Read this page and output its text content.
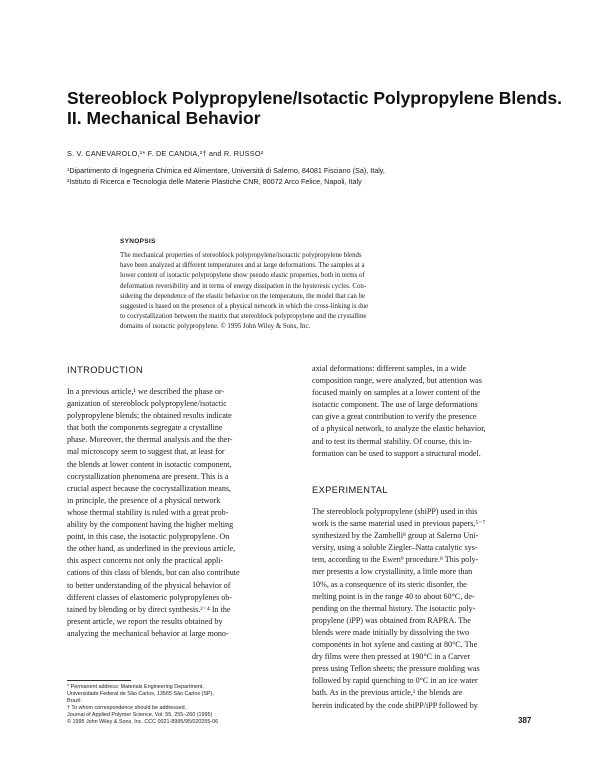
Stereoblock Polypropylene/Isotactic Polypropylene Blends.
II. Mechanical Behavior
S. V. CANEVAROLO,¹* F. DE CANDIA,²† and R. RUSSO²
¹Dipartimento di Ingegneria Chimica ed Alimentare, Università di Salerno, 84081 Fisciano (Sa), Italy,
²Istituto di Ricerca e Tecnologia delle Materie Plastiche CNR, 80072 Arco Felice, Napoli, Italy
SYNOPSIS
The mechanical properties of stereoblock polypropylene/isotactic polypropylene blends
have been analyzed at different temperatures and at large deformations. The samples at a
lower content of isotactic polypropylene show pseudo elastic properties, both in terms of
deformation reversibility and in terms of energy dissipation in the hysteresis cycles. Con-
sidering the dependence of the elastic behavior on the temperature, the model that can be
suggested is based on the presence of a physical network in which the cross-linking is due
to cocrystallization between the matrix that stereoblock polypropylene and the crystalline
domains of isotactic polypropylene. © 1995 John Wiley & Sons, Inc.
INTRODUCTION
In a previous article,¹ we described the phase or-
ganization of stereoblock polypropylene/isotactic
polypropylene blends; the obtained results indicate
that both the components segregate a crystalline
phase. Moreover, the thermal analysis and the ther-
mal microscopy seem to suggest that, at least for
the blends at lower content in isotactic component,
cocrystallization phenomena are present. This is a
crucial aspect because the cocrystallization means,
in principle, the presence of a physical network
whose thermal stability is ruled with a great prob-
ability by the component having the higher melting
point, in this case, the isotactic polypropylene. On
the other hand, as underlined in the previous article,
this aspect concerns not only the practical appli-
cations of this class of blends, but can also contribute
to better understanding of the physical behavior of
different classes of elastomeric polypropylenes ob-
tained by blending or by direct synthesis.²⁻⁴ In the
present article, we report the results obtained by
analyzing the mechanical behavior at large mono-
axial deformations: different samples, in a wide
composition range, were analyzed, but attention was
focused mainly on samples at a lower content of the
isotactic component. The use of large deformations
can give a great contribution to verify the presence
of a physical network, to analyze the elastic behavior,
and to test its thermal stability. Of course, this in-
formation can be used to support a structural model.
EXPERIMENTAL
The stereoblock polypropylene (sbiPP) used in this
work is the same material used in previous papers,⁵⁻⁷
synthesized by the Zambelli⁸ group at Salerno Uni-
versity, using a soluble Ziegler–Natta catalytic sys-
tem, according to the Ewen⁹ procedure.⁸ This poly-
mer presents a low crystallinity, a little more than
10%, as a consequence of its steric disorder, the
melting point is in the range 40 to about 60°C, de-
pending on the thermal history. The isotactic poly-
propylene (iPP) was obtained from RAPRA. The
blends were made initially by dissolving the two
components in hot xylene and casting at 80°C. The
dry films were then pressed at 190°C in a Carver
press using Teflon sheets; the pressure molding was
followed by rapid quenching to 0°C in an ice water
bath. As in the previous article,¹ the blends are
herein indicated by the code sbiPP/iPP followed by
* Permanent address: Materials Engineering Department,
Universidade Federal de São Carlos, 13565 São Carlos (SP),
Brazil.
† To whom correspondence should be addressed.
Journal of Applied Polymer Science, Vol. 55, 255–260 (1995)
© 1995 John Wiley & Sons, Inc. CCC 0021-8995/95/020255-06	387
